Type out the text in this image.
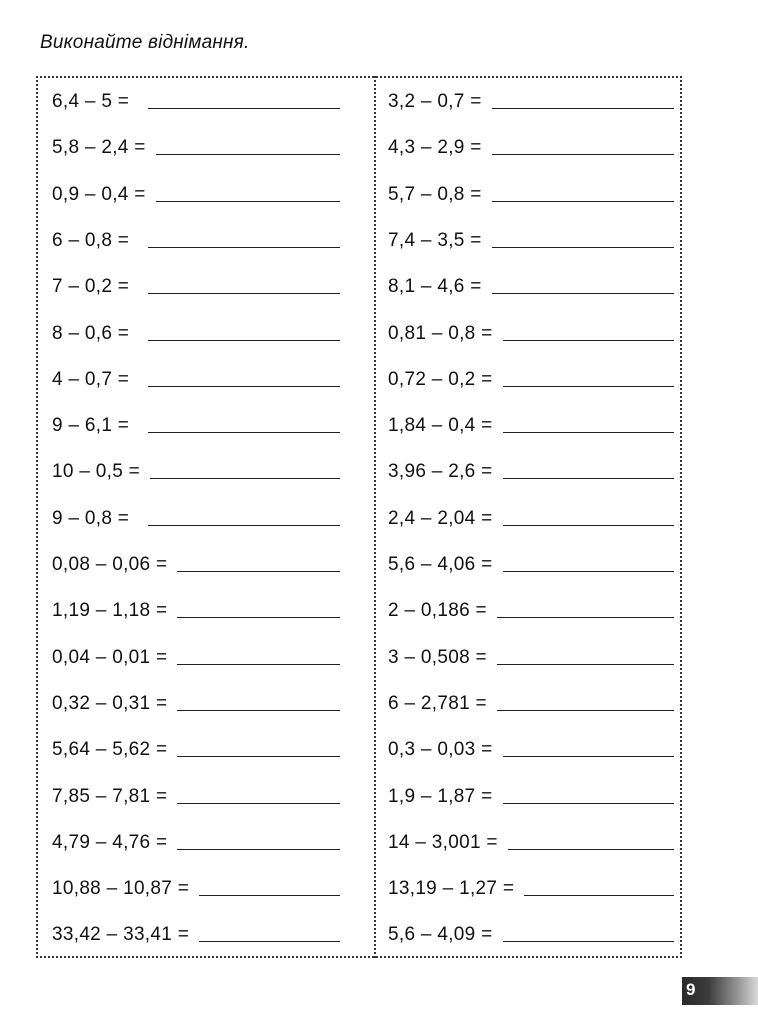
Виконайте віднімання.
6,4 – 5 =
5,8 – 2,4 =
0,9 – 0,4 =
6 – 0,8 =
7 – 0,2 =
8 – 0,6 =
4 – 0,7 =
9 – 6,1 =
10 – 0,5 =
9 – 0,8 =
0,08 – 0,06 =
1,19 – 1,18 =
0,04 – 0,01 =
0,32 – 0,31 =
5,64 – 5,62 =
7,85 – 7,81 =
4,79 – 4,76 =
10,88 – 10,87 =
33,42 – 33,41 =
3,2 – 0,7 =
4,3 – 2,9 =
5,7 – 0,8 =
7,4 – 3,5 =
8,1 – 4,6 =
0,81 – 0,8 =
0,72 – 0,2 =
1,84 – 0,4 =
3,96 – 2,6 =
2,4 – 2,04 =
5,6 – 4,06 =
2 – 0,186 =
3 – 0,508 =
6 – 2,781 =
0,3 – 0,03 =
1,9 – 1,87 =
14 – 3,001 =
13,19 – 1,27 =
5,6 – 4,09 =
9
